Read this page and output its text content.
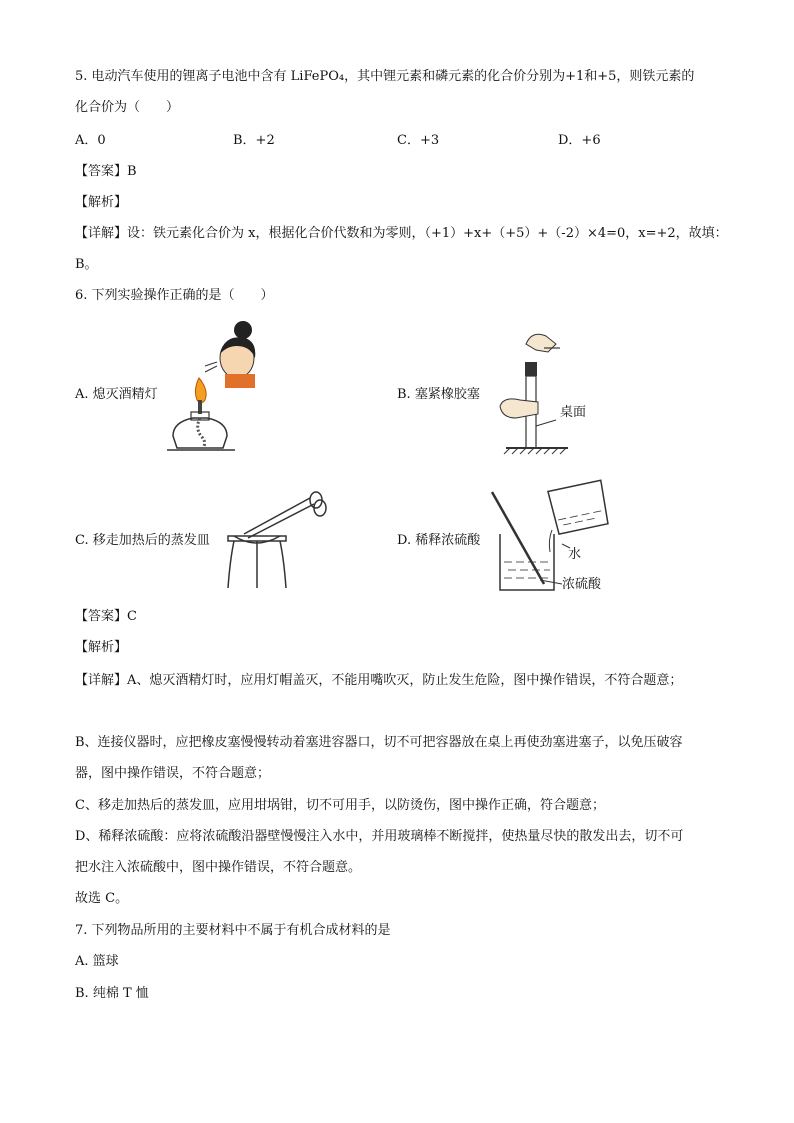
5. 电动汽车使用的锂离子电池中含有 LiFePO₄，其中锂元素和磷元素的化合价分别为+1和+5，则铁元素的
化合价为（　　）
A．0	B．+2	C．+3	D．+6
【答案】B
【解析】
【详解】设：铁元素化合价为 x，根据化合价代数和为零则，（+1）+x+（+5）+（-2）×4=0，x=+2，故填：
B。
6. 下列实验操作正确的是（　　）
A. 熄灭酒精灯	B. 塞紧橡胶塞
桌面
C. 移走加热后的蒸发皿	D. 稀释浓硫酸
水
浓硫酸
【答案】C
【解析】
【详解】A、熄灭酒精灯时，应用灯帽盖灭，不能用嘴吹灭，防止发生危险，图中操作错误，不符合题意；
B、连接仪器时，应把橡皮塞慢慢转动着塞进容器口，切不可把容器放在桌上再使劲塞进塞子，以免压破容
器，图中操作错误，不符合题意；
C、移走加热后的蒸发皿，应用坩埚钳，切不可用手，以防烫伤，图中操作正确，符合题意；
D、稀释浓硫酸：应将浓硫酸沿器壁慢慢注入水中，并用玻璃棒不断搅拌，使热量尽快的散发出去，切不可
把水注入浓硫酸中，图中操作错误，不符合题意。
故选 C。
7. 下列物品所用的主要材料中不属于有机合成材料的是
A. 篮球
B. 纯棉 T 恤
